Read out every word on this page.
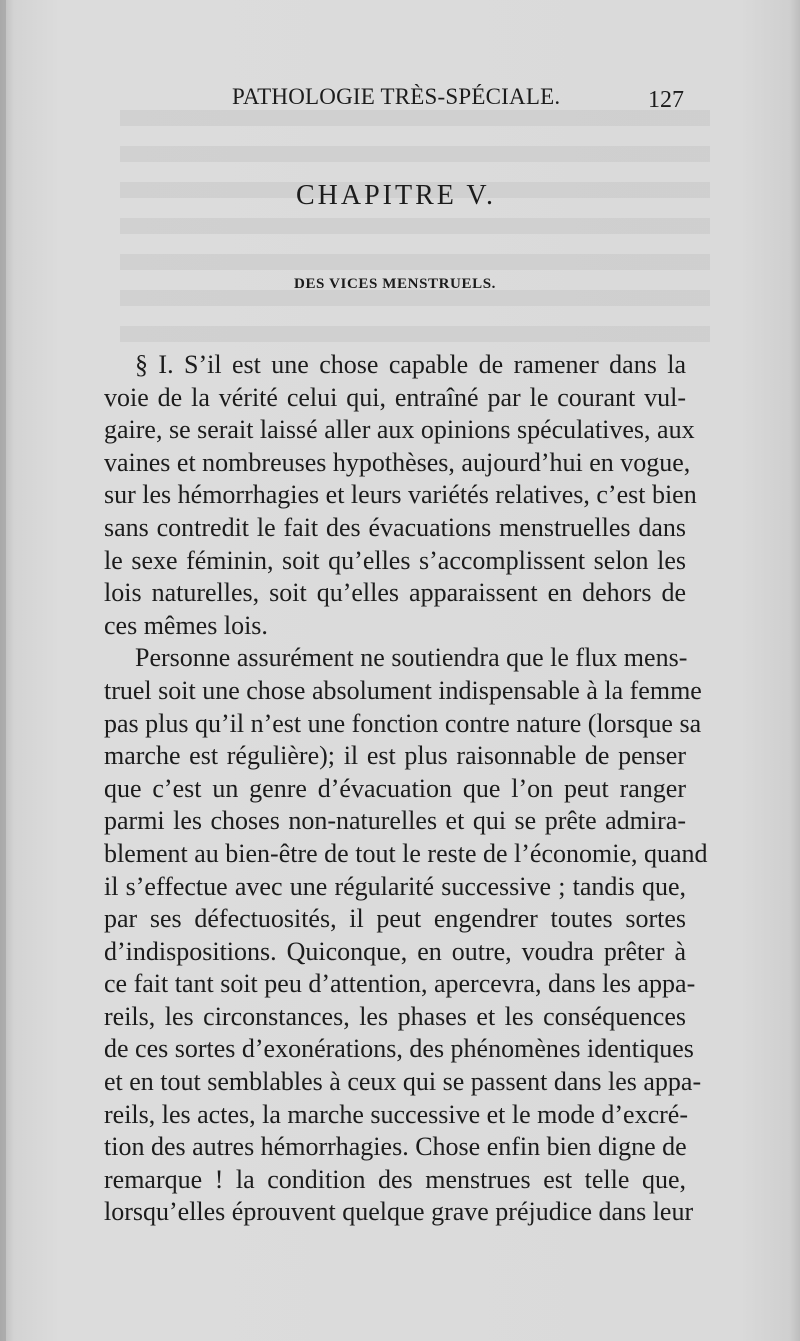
PATHOLOGIE TRÈS-SPÉCIALE.	127
CHAPITRE V.
DES VICES MENSTRUELS.
§ I. S’il est une chose capable de ramener dans la
voie de la vérité celui qui, entraîné par le courant vul-
gaire, se serait laissé aller aux opinions spéculatives, aux
vaines et nombreuses hypothèses, aujourd’hui en vogue,
sur les hémorrhagies et leurs variétés relatives, c’est bien
sans contredit le fait des évacuations menstruelles dans
le sexe féminin, soit qu’elles s’accomplissent selon les
lois naturelles, soit qu’elles apparaissent en dehors de
ces mêmes lois.
Personne assurément ne soutiendra que le flux mens-
truel soit une chose absolument indispensable à la femme
pas plus qu’il n’est une fonction contre nature (lorsque sa
marche est régulière); il est plus raisonnable de penser
que c’est un genre d’évacuation que l’on peut ranger
parmi les choses non-naturelles et qui se prête admira-
blement au bien-être de tout le reste de l’économie, quand
il s’effectue avec une régularité successive ; tandis que,
par ses défectuosités, il peut engendrer toutes sortes
d’indispositions. Quiconque, en outre, voudra prêter à
ce fait tant soit peu d’attention, apercevra, dans les appa-
reils, les circonstances, les phases et les conséquences
de ces sortes d’exonérations, des phénomènes identiques
et en tout semblables à ceux qui se passent dans les appa-
reils, les actes, la marche successive et le mode d’excré-
tion des autres hémorrhagies. Chose enfin bien digne de
remarque ! la condition des menstrues est telle que,
lorsqu’elles éprouvent quelque grave préjudice dans leur
